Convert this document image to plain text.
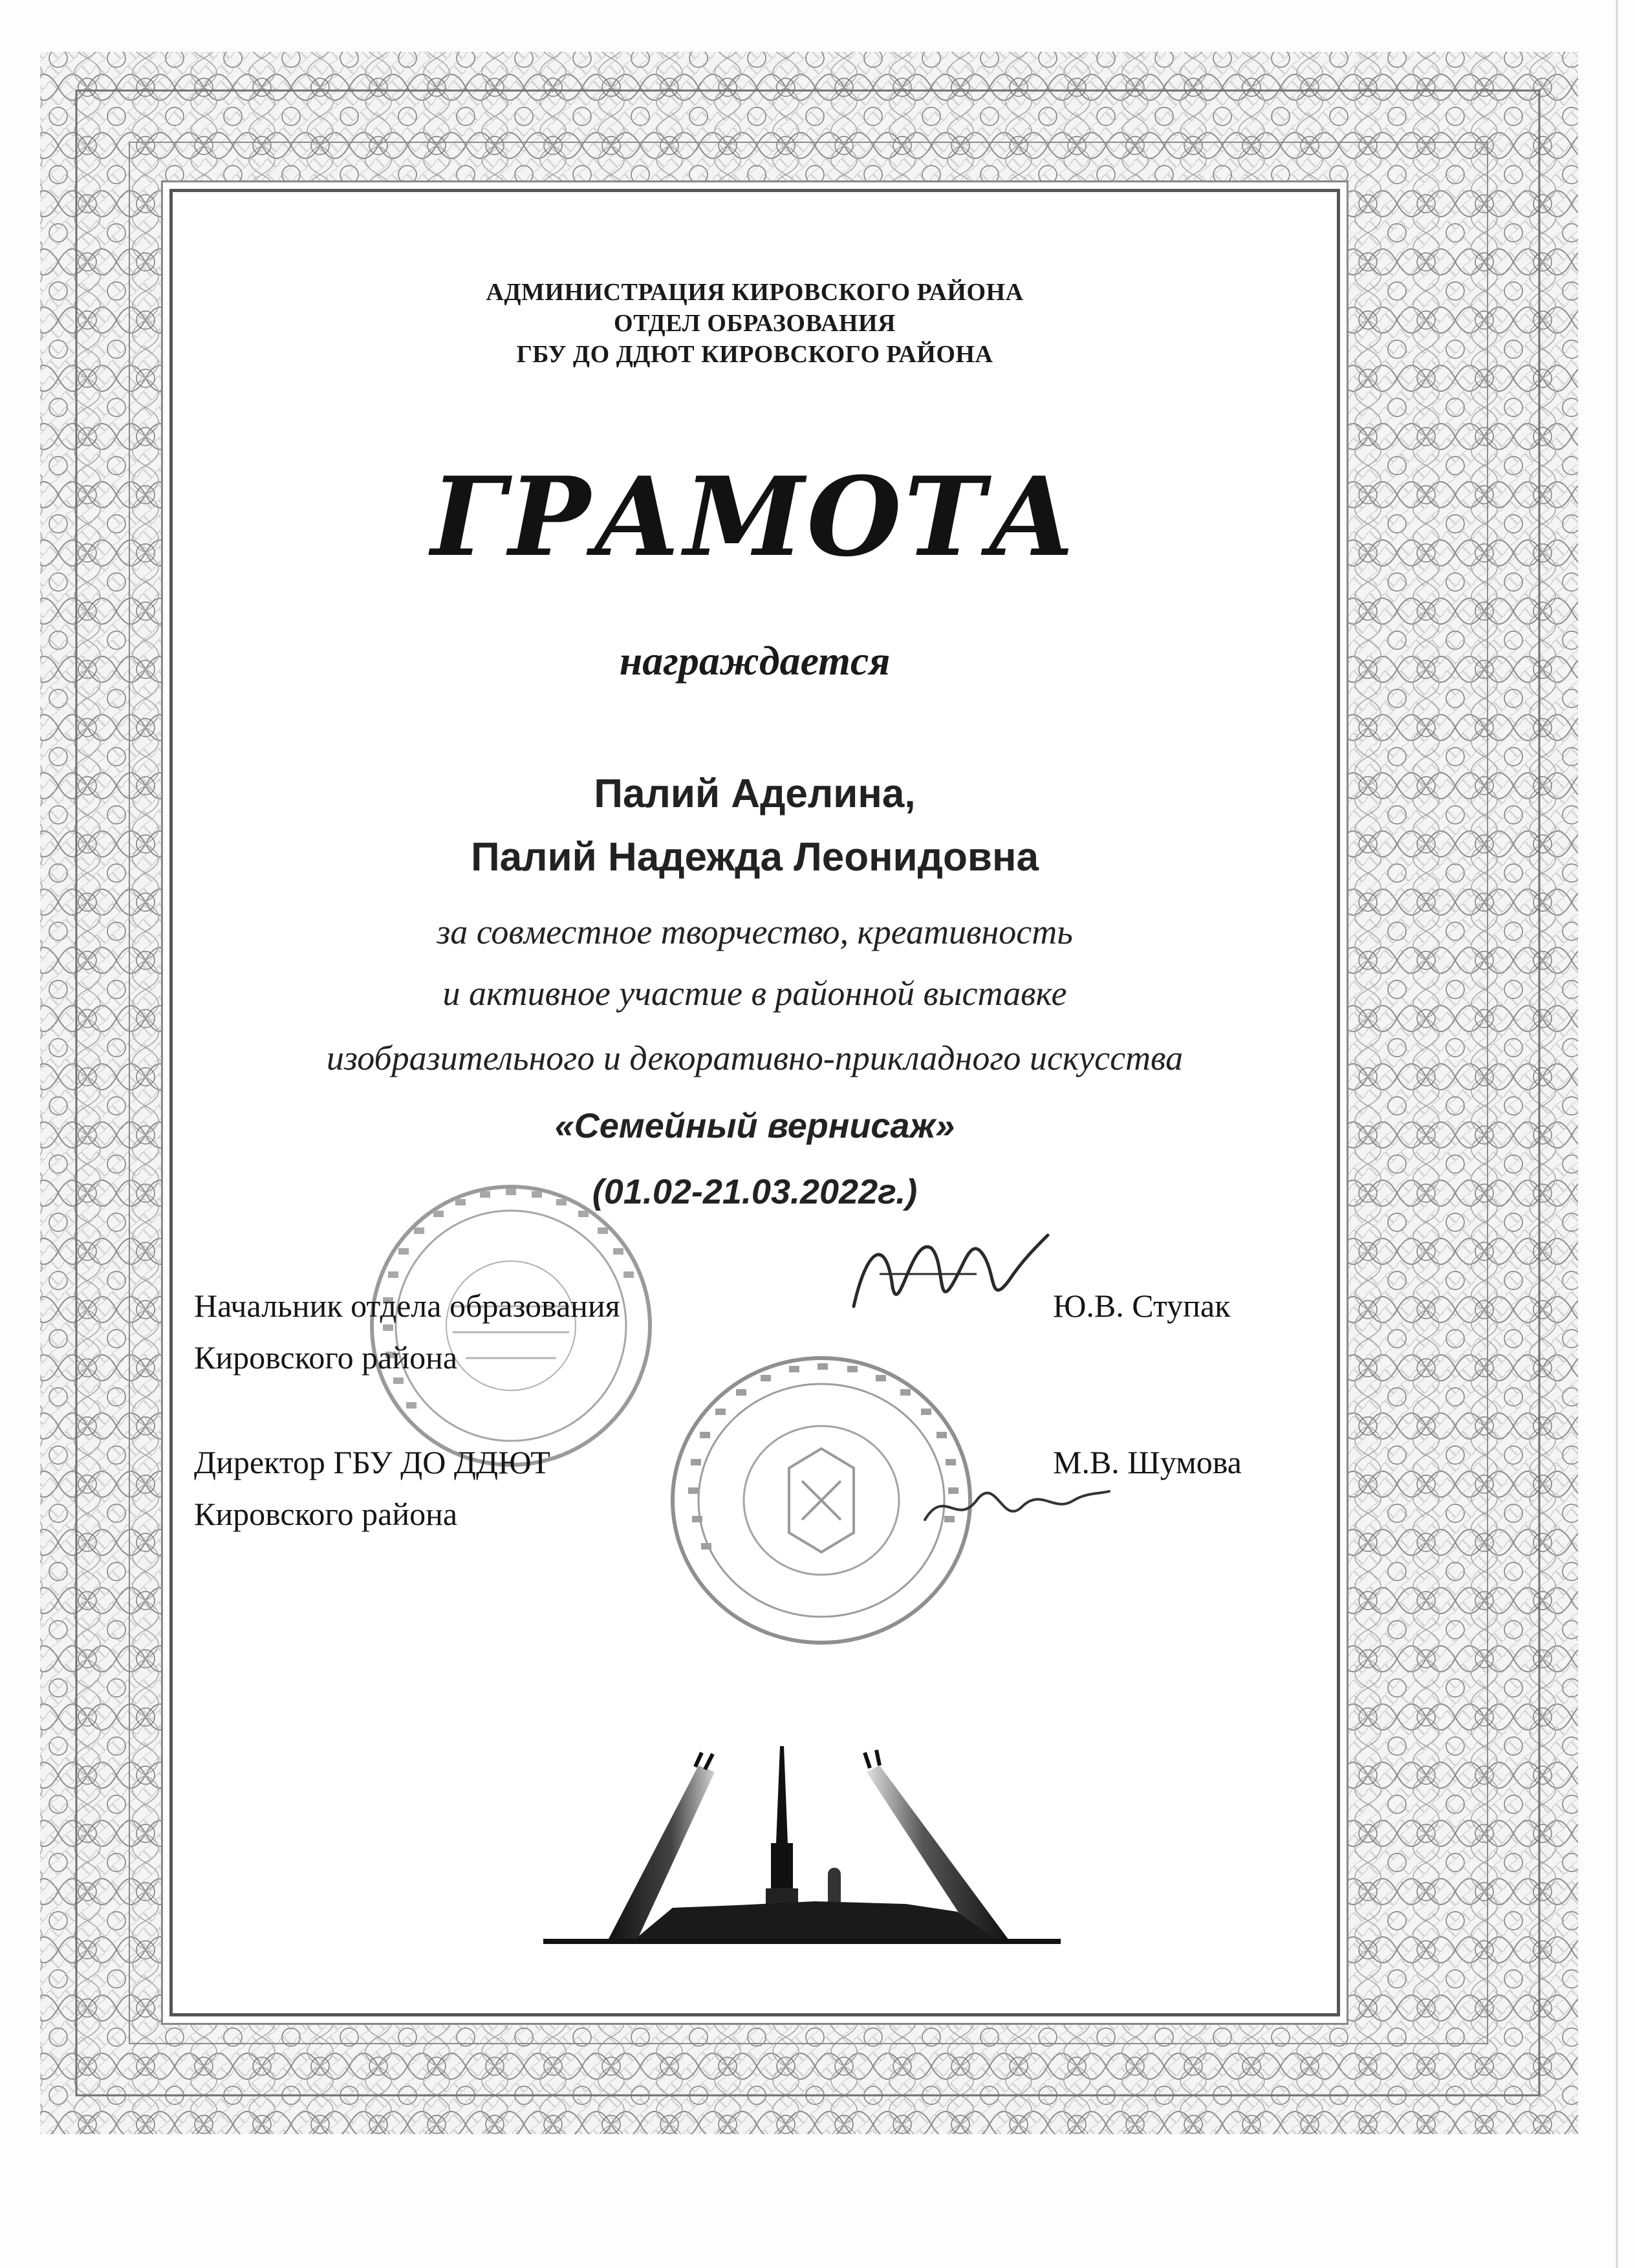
АДМИНИСТРАЦИЯ КИРОВСКОГО РАЙОНА
ОТДЕЛ ОБРАЗОВАНИЯ
ГБУ ДО ДДЮТ КИРОВСКОГО РАЙОНА
ГРАМОТА
награждается
Палий Аделина,
Палий Надежда Леонидовна
за совместное творчество, креативность
и активное участие в районной выставке
изобразительного и декоративно-прикладного искусства
«Семейный вернисаж»
(01.02-21.03.2022г.)
Начальник отдела образования
Кировского района
Ю.В. Ступак
Директор ГБУ ДО ДДЮТ
Кировского района
М.В. Шумова
